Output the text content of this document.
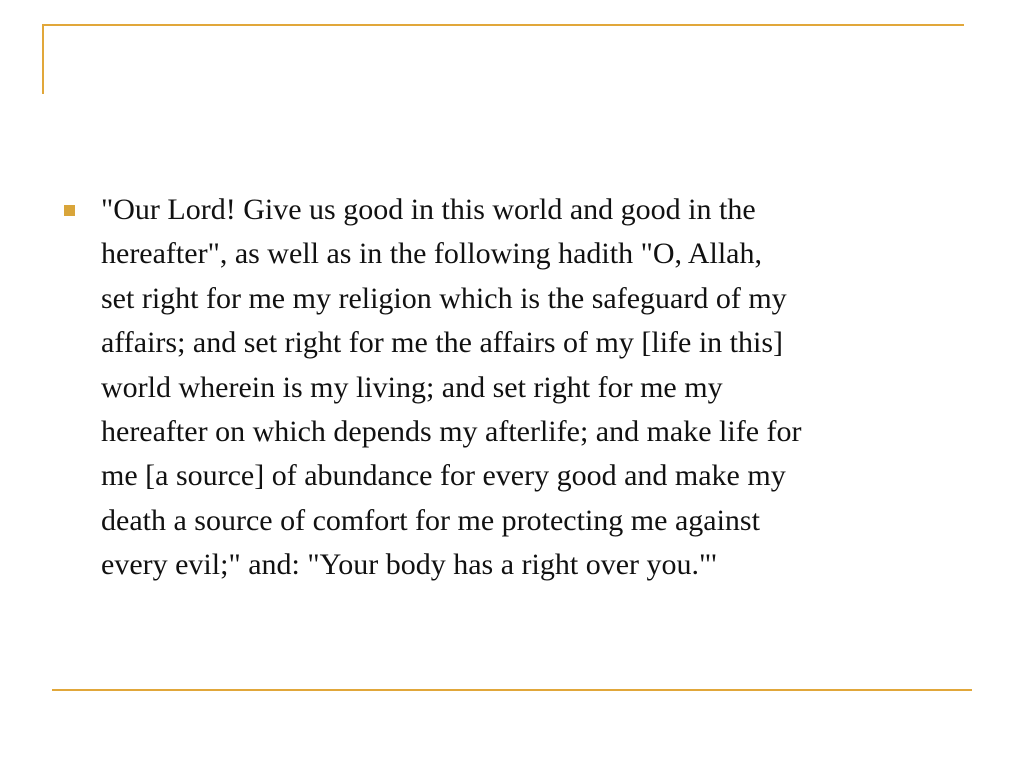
"Our Lord! Give us good in this world and good in the
hereafter", as well as in the following hadith "O, Allah,
set right for me my religion which is the safeguard of my
affairs; and set right for me the affairs of my [life in this]
world wherein is my living; and set right for me my
hereafter on which depends my afterlife; and make life for
me [a source] of abundance for every good and make my
death a source of comfort for me protecting me against
every evil;" and: "Your body has a right over you."'
